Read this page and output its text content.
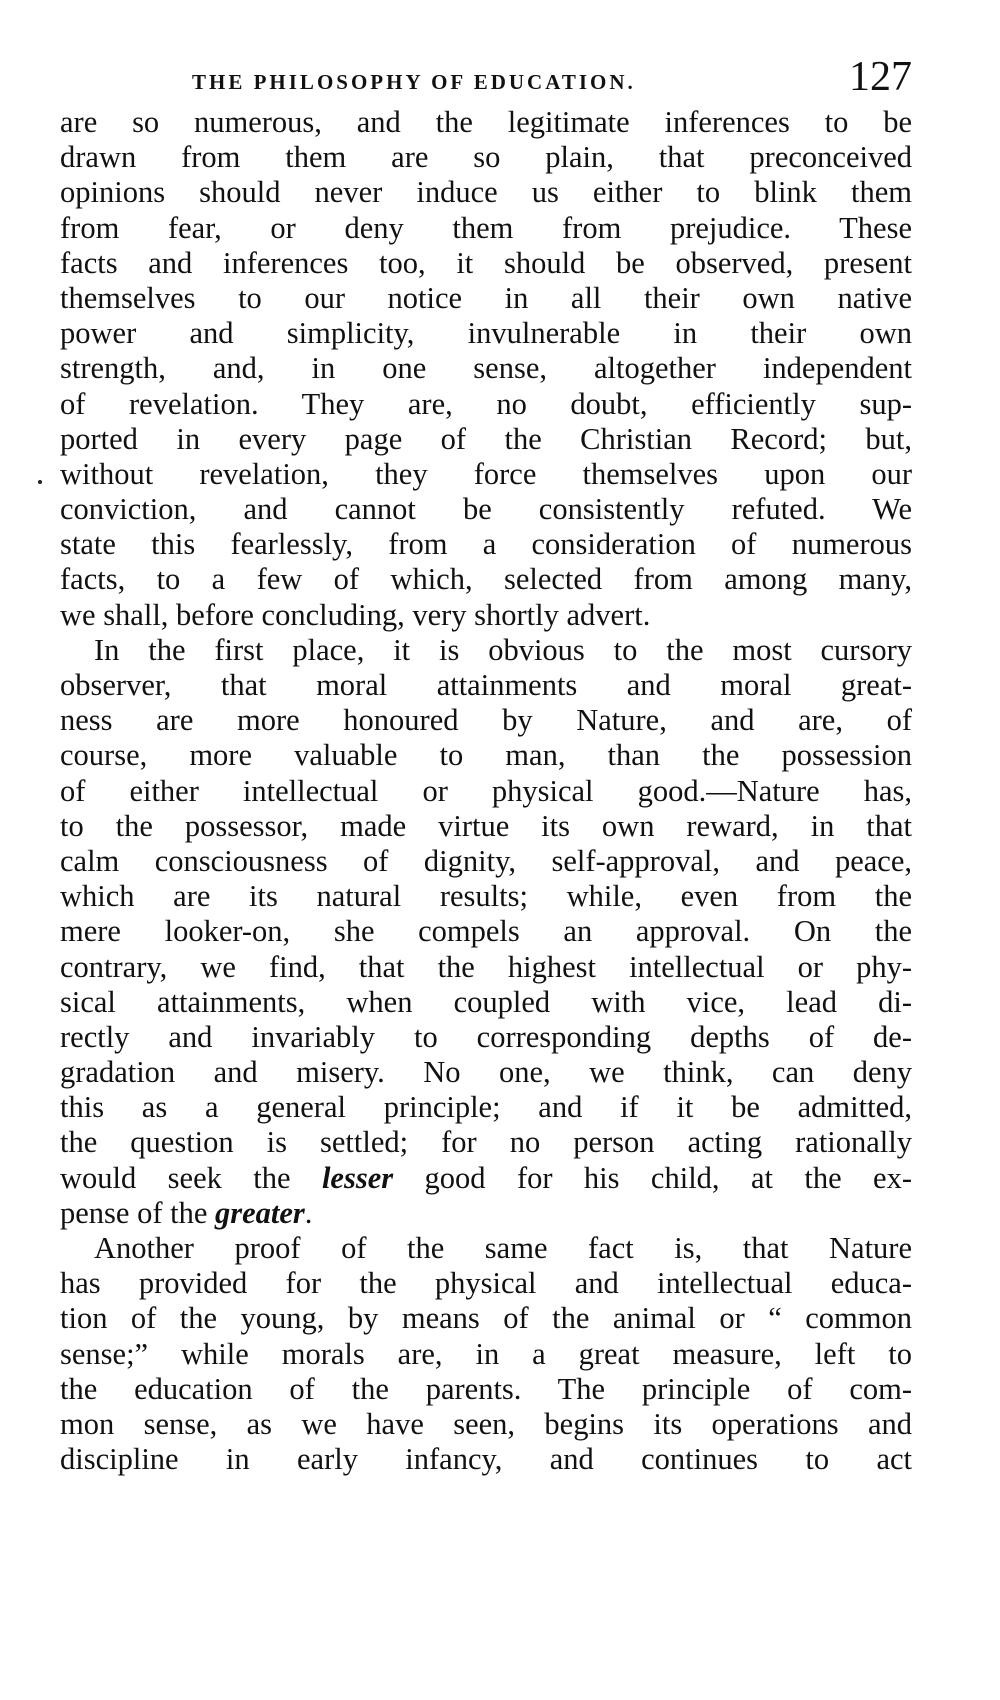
THE PHILOSOPHY OF EDUCATION.	127
are so numerous, and the legitimate inferences to be
drawn from them are so plain, that preconceived
opinions should never induce us either to blink them
from fear, or deny them from prejudice. These
facts and inferences too, it should be observed, present
themselves to our notice in all their own native
power and simplicity, invulnerable in their own
strength, and, in one sense, altogether independent
of revelation. They are, no doubt, efficiently sup-
ported in every page of the Christian Record; but,
without revelation, they force themselves upon our
conviction, and cannot be consistently refuted. We
state this fearlessly, from a consideration of numerous
facts, to a few of which, selected from among many,
we shall, before concluding, very shortly advert.
In the first place, it is obvious to the most cursory
observer, that moral attainments and moral great-
ness are more honoured by Nature, and are, of
course, more valuable to man, than the possession
of either intellectual or physical good.—Nature has,
to the possessor, made virtue its own reward, in that
calm consciousness of dignity, self-approval, and peace,
which are its natural results; while, even from the
mere looker-on, she compels an approval. On the
contrary, we find, that the highest intellectual or phy-
sical attainments, when coupled with vice, lead di-
rectly and invariably to corresponding depths of de-
gradation and misery. No one, we think, can deny
this as a general principle; and if it be admitted,
the question is settled; for no person acting rationally
would seek the lesser good for his child, at the ex-
pense of the greater.
Another proof of the same fact is, that Nature
has provided for the physical and intellectual educa-
tion of the young, by means of the animal or “ common
sense;” while morals are, in a great measure, left to
the education of the parents. The principle of com-
mon sense, as we have seen, begins its operations and
discipline in early infancy, and continues to act
